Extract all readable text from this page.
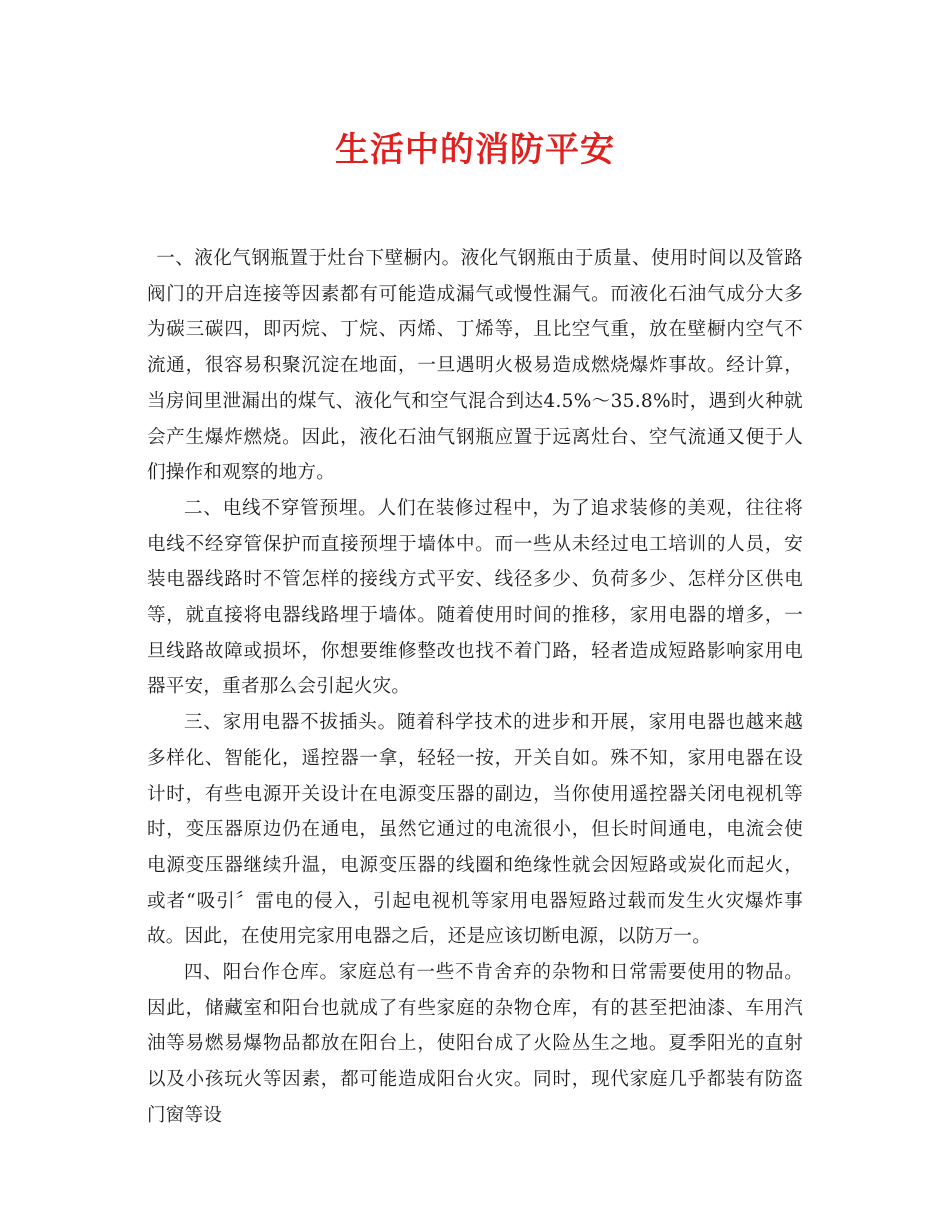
生活中的消防平安

一、液化气钢瓶置于灶台下壁橱内。液化气钢瓶由于质量、使用时间以及管路阀门的开启连接等因素都有可能造成漏气或慢性漏气。而液化石油气成分大多为碳三碳四，即丙烷、丁烷、丙烯、丁烯等，且比空气重，放在壁橱内空气不流通，很容易积聚沉淀在地面，一旦遇明火极易造成燃烧爆炸事故。经计算，当房间里泄漏出的煤气、液化气和空气混合到达4.5%～35.8%时，遇到火种就会产生爆炸燃烧。因此，液化石油气钢瓶应置于远离灶台、空气流通又便于人们操作和观察的地方。

二、电线不穿管预埋。人们在装修过程中，为了追求装修的美观，往往将电线不经穿管保护而直接预埋于墙体中。而一些从未经过电工培训的人员，安装电器线路时不管怎样的接线方式平安、线径多少、负荷多少、怎样分区供电等，就直接将电器线路埋于墙体。随着使用时间的推移，家用电器的增多，一旦线路故障或损坏，你想要维修整改也找不着门路，轻者造成短路影响家用电器平安，重者那么会引起火灾。

三、家用电器不拔插头。随着科学技术的进步和开展，家用电器也越来越多样化、智能化，遥控器一拿，轻轻一按，开关自如。殊不知，家用电器在设计时，有些电源开关设计在电源变压器的副边，当你使用遥控器关闭电视机等时，变压器原边仍在通电，虽然它通过的电流很小，但长时间通电，电流会使电源变压器继续升温，电源变压器的线圈和绝缘性就会因短路或炭化而起火，或者“吸引〞雷电的侵入，引起电视机等家用电器短路过载而发生火灾爆炸事故。因此，在使用完家用电器之后，还是应该切断电源，以防万一。

四、阳台作仓库。家庭总有一些不肯舍弃的杂物和日常需要使用的物品。因此，储藏室和阳台也就成了有些家庭的杂物仓库，有的甚至把油漆、车用汽油等易燃易爆物品都放在阳台上，使阳台成了火险丛生之地。夏季阳光的直射以及小孩玩火等因素，都可能造成阳台火灾。同时，现代家庭几乎都装有防盗门窗等设
